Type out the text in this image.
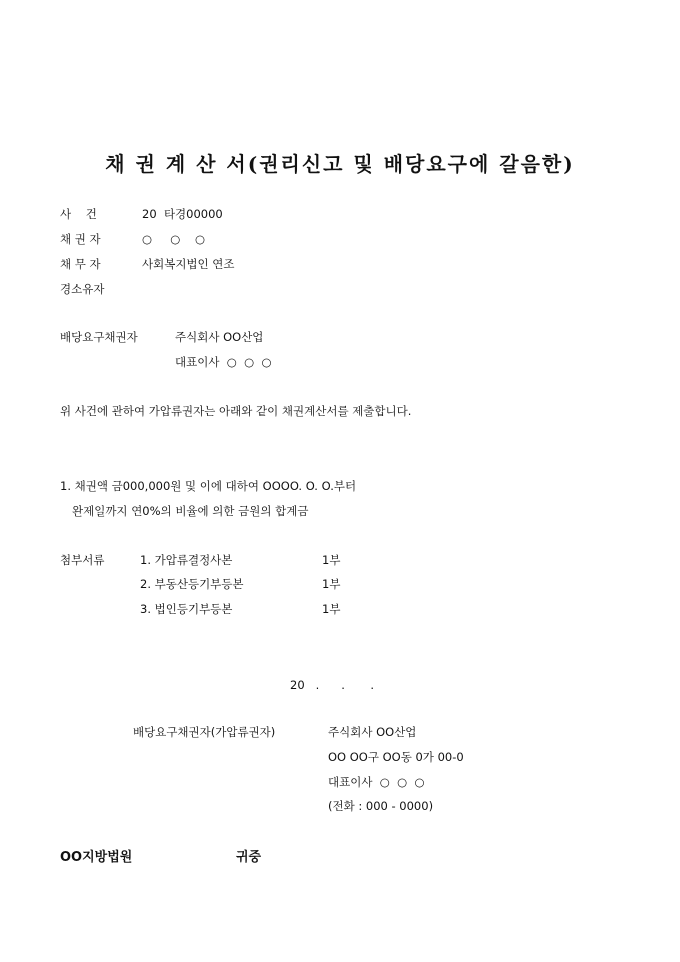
채 권 계 산 서(권리신고 및 배당요구에 갈음한)
사    건	20  타경00000
채 권 자	○     ○    ○
채 무 자	사회복지법인 연조
경소유자
배당요구채권자	주식회사 OO산업
대표이사  ○  ○  ○
위 사건에 관하여 가압류권자는 아래와 같이 채권계산서를 제출합니다.
1. 채권액 금000,000원 및 이에 대하여 OOOO. O. O.부터
완제일까지 연0%의 비율에 의한 금원의 합계금
첨부서류	1. 가압류결정사본	1부
2. 부동산등기부등본	1부
3. 법인등기부등본	1부
20   .      .       .
배당요구채권자(가압류권자)	주식회사 OO산업
OO OO구 OO동 0가 00-0
대표이사  ○  ○  ○
(전화 : 000 - 0000)
OO지방법원	귀중
